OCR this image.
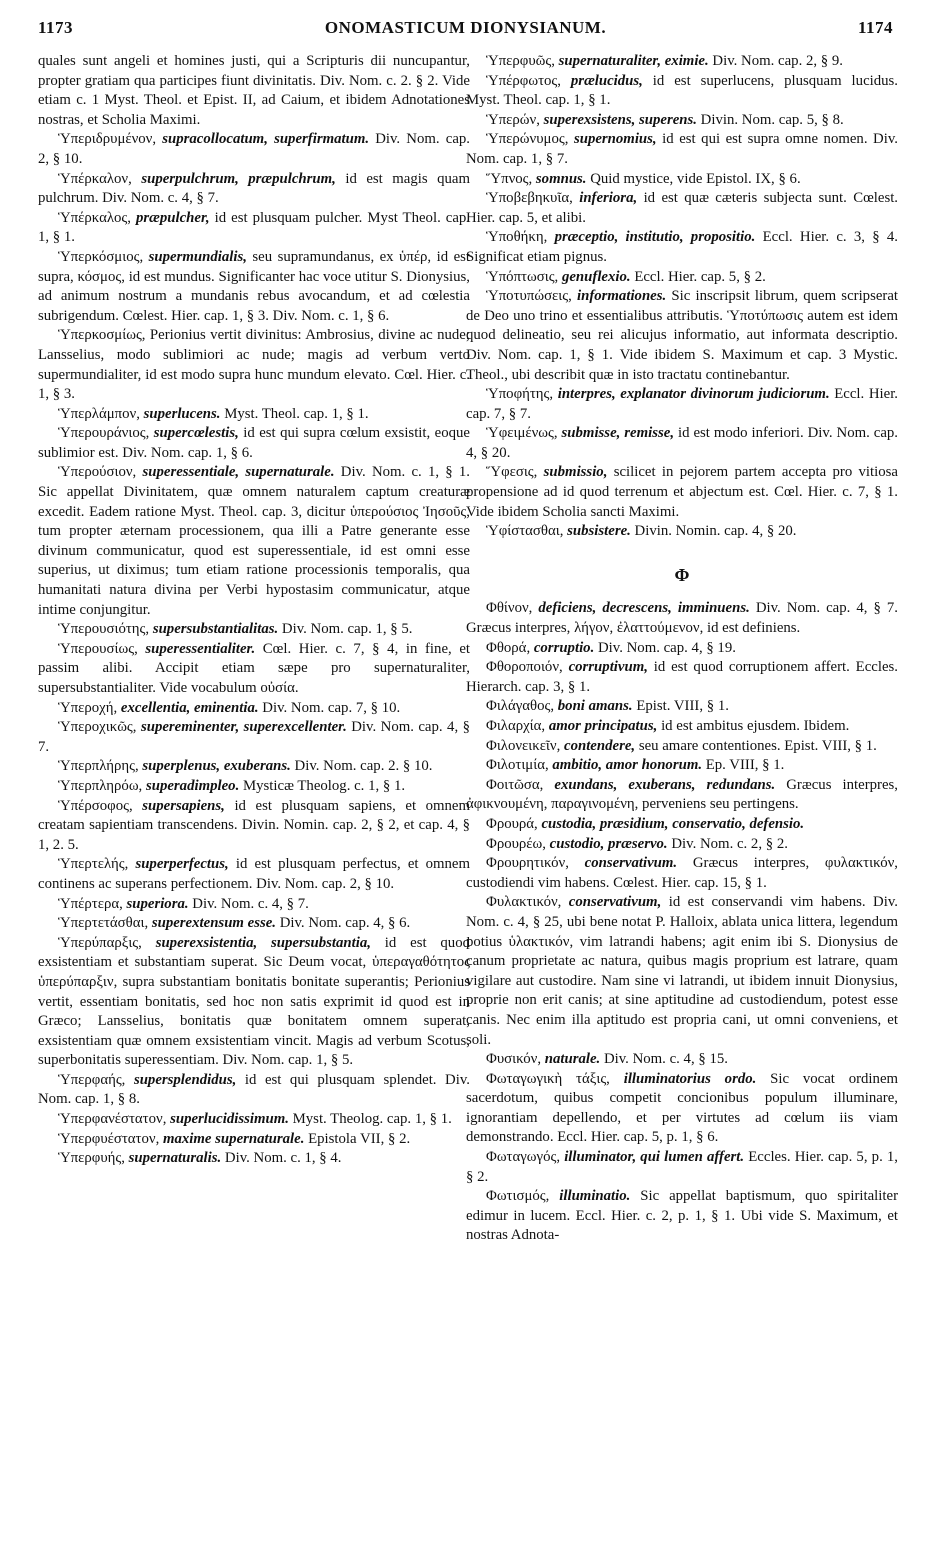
1173	ONOMASTICUM DIONYSIANUM.	1174

quales sunt angeli et homines justi, qui a Scripturis dii nuncupantur, propter gratiam qua participes fiunt divinitatis. Div. Nom. c. 2. § 2. Vide etiam c. 1 Myst. Theol. et Epist. II, ad Caium, et ibidem Adnotationes nostras, et Scholia Maximi.

Ὑπεριδρυμένον, supracollocatum, superfirmatum. Div. Nom. cap. 2, § 10.

Ὑπέρκαλον, superpulchrum, præpulchrum, id est magis quam pulchrum. Div. Nom. c. 4, § 7.

Ὑπέρκαλος, præpulcher, id est plusquam pulcher. Myst Theol. cap. 1, § 1.

Ὑπερκόσμιος, supermundialis, seu supramundanus, ex ὑπέρ, id est supra, κόσμος, id est mundus. Significanter hac voce utitur S. Dionysius, ad animum nostrum a mundanis rebus avocandum, et ad cœlestia subrigendum. Cœlest. Hier. cap. 1, § 3. Div. Nom. c. 1, § 6.

Ὑπερκοσμίως, Perionius vertit divinitus: Ambrosius, divine ac nude; Lansselius, modo sublimiori ac nude; magis ad verbum verto supermundialiter, id est modo supra hunc mundum elevato. Cœl. Hier. c. 1, § 3.

Ὑπερλάμπον, superlucens. Myst. Theol. cap. 1, § 1.

Ὑπερουράνιος, supercœlestis, id est qui supra cœlum exsistit, eoque sublimior est. Div. Nom. cap. 1, § 6.

Ὑπερούσιον, superessentiale, supernaturale. Div. Nom. c. 1, § 1. Sic appellat Divinitatem, quæ omnem naturalem captum creaturæ excedit. Eadem ratione Myst. Theol. cap. 3, dicitur ὑπερούσιος Ἰησοῦς, tum propter æternam processionem, qua illi a Patre generante esse divinum communicatur, quod est superessentiale, id est omni esse superius, ut diximus; tum etiam ratione processionis temporalis, qua humanitati natura divina per Verbi hypostasim communicatur, atque intime conjungitur.

Ὑπερουσιότης, supersubstantialitas. Div. Nom. cap. 1, § 5.

Ὑπερουσίως, superessentialiter. Cœl. Hier. c. 7, § 4, in fine, et passim alibi. Accipit etiam sæpe pro supernaturaliter, supersubstantialiter. Vide vocabulum οὐσία.

Ὑπεροχή, excellentia, eminentia. Div. Nom. cap. 7, § 10.

Ὑπεροχικῶς, supereminenter, superexcellenter. Div. Nom. cap. 4, § 7.

Ὑπερπλήρης, superplenus, exuberans. Div. Nom. cap. 2. § 10.

Ὑπερπληρόω, superadimpleo. Mysticæ Theolog. c. 1, § 1.

Ὑπέρσοφος, supersapiens, id est plusquam sapiens, et omnem creatam sapientiam transcendens. Divin. Nomin. cap. 2, § 2, et cap. 4, § 1, 2. 5.

Ὑπερτελής, superperfectus, id est plusquam perfectus, et omnem continens ac superans perfectionem. Div. Nom. cap. 2, § 10.

Ὑπέρτερα, superiora. Div. Nom. c. 4, § 7.

Ὑπερτετάσθαι, superextensum esse. Div. Nom. cap. 4, § 6.

Ὑπερύπαρξις, superexsistentia, supersubstantia, id est quod exsistentiam et substantiam superat. Sic Deum vocat, ὑπεραγαθότητος ὑπερύπαρξιν, supra substantiam bonitatis bonitate superantis; Perionius vertit, essentiam bonitatis, sed hoc non satis exprimit id quod est in Græco; Lansselius, bonitatis quæ bonitatem omnem superat, exsistentiam quæ omnem exsistentiam vincit. Magis ad verbum Scotus, superbonitatis superessentiam. Div. Nom. cap. 1, § 5.

Ὑπερφαής, supersplendidus, id est qui plusquam splendet. Div. Nom. cap. 1, § 8.

Ὑπερφανέστατον, superlucidissimum. Myst. Theolog. cap. 1, § 1.

Ὑπερφυέστατον, maxime supernaturale. Epistola VII, § 2.

Ὑπερφυής, supernaturalis. Div. Nom. c. 1, § 4.

Ὑπερφυῶς, supernaturaliter, eximie. Div. Nom. cap. 2, § 9.

Ὑπέρφωτος, prælucidus, id est superlucens, plusquam lucidus. Myst. Theol. cap. 1, § 1.

Ὑπερών, superexsistens, superens. Divin. Nom. cap. 5, § 8.

Ὑπερώνυμος, supernomius, id est qui est supra omne nomen. Div. Nom. cap. 1, § 7.

Ὕπνος, somnus. Quid mystice, vide Epistol. IX, § 6.

Ὑποβεβηκυῖα, inferiora, id est quæ cæteris subjecta sunt. Cœlest. Hier. cap. 5, et alibi.

Ὑποθήκη, præceptio, institutio, propositio. Eccl. Hier. c. 3, § 4. Significat etiam pignus.

Ὑπόπτωσις, genuflexio. Eccl. Hier. cap. 5, § 2.

Ὑποτυπώσεις, informationes. Sic inscripsit librum, quem scripserat de Deo uno trino et essentialibus attributis. Ὑποτύπωσις autem est idem quod delineatio, seu rei alicujus informatio, aut informata descriptio. Div. Nom. cap. 1, § 1. Vide ibidem S. Maximum et cap. 3 Mystic. Theol., ubi describit quæ in isto tractatu continebantur.

Ὑποφήτης, interpres, explanator divinorum judiciorum. Eccl. Hier. cap. 7, § 7.

Ὑφειμένως, submisse, remisse, id est modo inferiori. Div. Nom. cap. 4, § 20.

Ὕφεσις, submissio, scilicet in pejorem partem accepta pro vitiosa propensione ad id quod terrenum et abjectum est. Cœl. Hier. c. 7, § 1. Vide ibidem Scholia sancti Maximi.

Ὑφίστασθαι, subsistere. Divin. Nomin. cap. 4, § 20.

Φ

Φθίνον, deficiens, decrescens, imminuens. Div. Nom. cap. 4, § 7. Græcus interpres, λήγον, ἐλαττούμενον, id est definiens.

Φθορά, corruptio. Div. Nom. cap. 4, § 19.

Φθοροποιόν, corruptivum, id est quod corruptionem affert. Eccles. Hierarch. cap. 3, § 1.

Φιλάγαθος, boni amans. Epist. VIII, § 1.

Φιλαρχία, amor principatus, id est ambitus ejusdem. Ibidem.

Φιλονεικεῖν, contendere, seu amare contentiones. Epist. VIII, § 1.

Φιλοτιμία, ambitio, amor honorum. Ep. VIII, § 1.

Φοιτῶσα, exundans, exuberans, redundans. Græcus interpres, ἀφικνουμένη, παραγινομένη, perveniens seu pertingens.

Φρουρά, custodia, præsidium, conservatio, defensio.

Φρουρέω, custodio, præservo. Div. Nom. c. 2, § 2.

Φρουρητικόν, conservativum. Græcus interpres, φυλακτικόν, custodiendi vim habens. Cœlest. Hier. cap. 15, § 1.

Φυλακτικόν, conservativum, id est conservandi vim habens. Div. Nom. c. 4, § 25, ubi bene notat P. Halloix, ablata unica littera, legendum potius ὑλακτικόν, vim latrandi habens; agit enim ibi S. Dionysius de canum proprietate ac natura, quibus magis proprium est latrare, quam vigilare aut custodire. Nam sine vi latrandi, ut ibidem innuit Dionysius, proprie non erit canis; at sine aptitudine ad custodiendum, potest esse canis. Nec enim illa aptitudo est propria cani, ut omni conveniens, et soli.

Φυσικόν, naturale. Div. Nom. c. 4, § 15.

Φωταγωγικὴ τάξις, illuminatorius ordo. Sic vocat ordinem sacerdotum, quibus competit concionibus populum illuminare, ignorantiam depellendo, et per virtutes ad cœlum iis viam demonstrando. Eccl. Hier. cap. 5, p. 1, § 6.

Φωταγωγός, illuminator, qui lumen affert. Eccles. Hier. cap. 5, p. 1, § 2.

Φωτισμός, illuminatio. Sic appellat baptismum, quo spiritaliter edimur in lucem. Eccl. Hier. c. 2, p. 1, § 1. Ubi vide S. Maximum, et nostras Adnota-
